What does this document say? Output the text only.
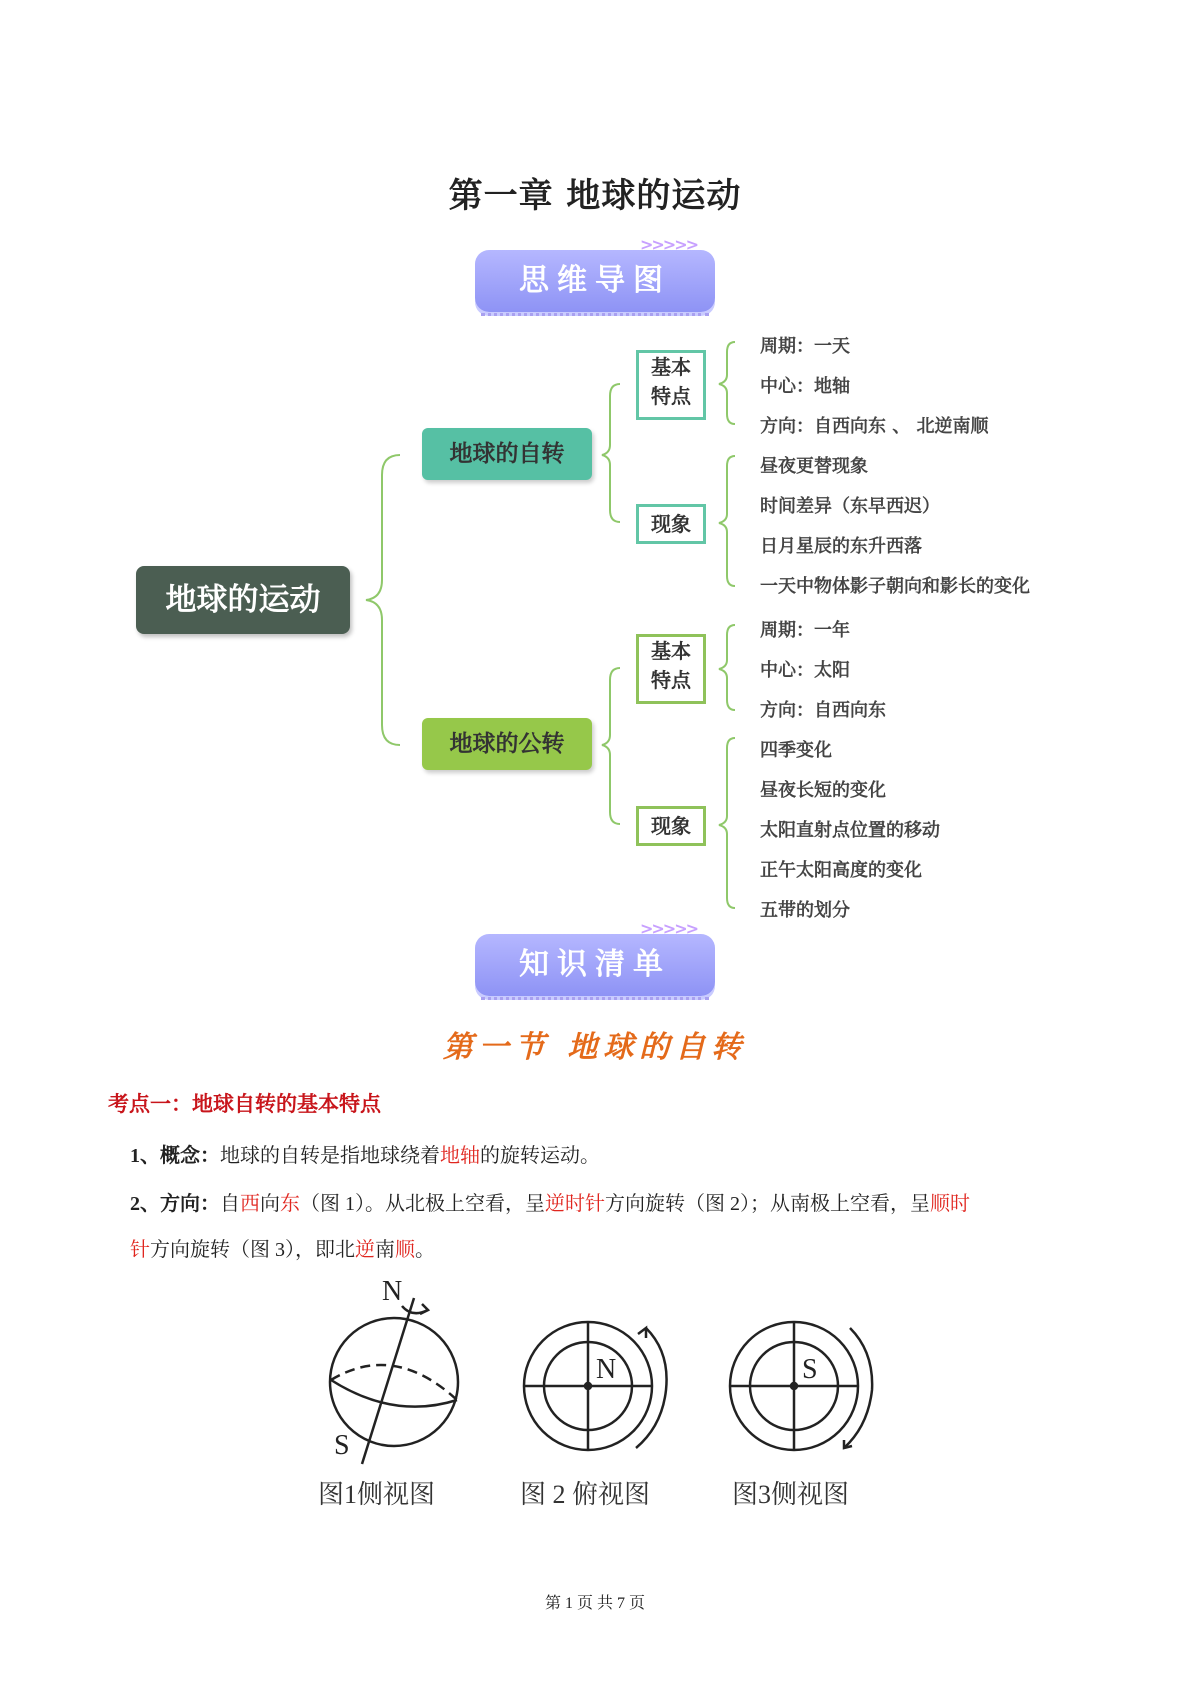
第一章 地球的运动
>>>>>
思维导图
地球的运动
地球的自转
地球的公转
基本
特点
现象
基本
特点
现象
周期：一天
中心：地轴
方向：自西向东 、 北逆南顺
昼夜更替现象
时间差异（东早西迟）
日月星辰的东升西落
一天中物体影子朝向和影长的变化
周期：一年
中心：太阳
方向：自西向东
四季变化
昼夜长短的变化
太阳直射点位置的移动
正午太阳高度的变化
五带的划分
>>>>>
知识清单
第一节 地球的自转
考点一：地球自转的基本特点
1、概念：地球的自转是指地球绕着地轴的旋转运动。
2、方向：自西向东（图 1）。从北极上空看，呈逆时针方向旋转（图 2）；从南极上空看，呈顺时
针方向旋转（图 3），即北逆南顺。
N
S
N	S
图1侧视图	图 2 俯视图	图3侧视图
第 1 页 共 7 页
